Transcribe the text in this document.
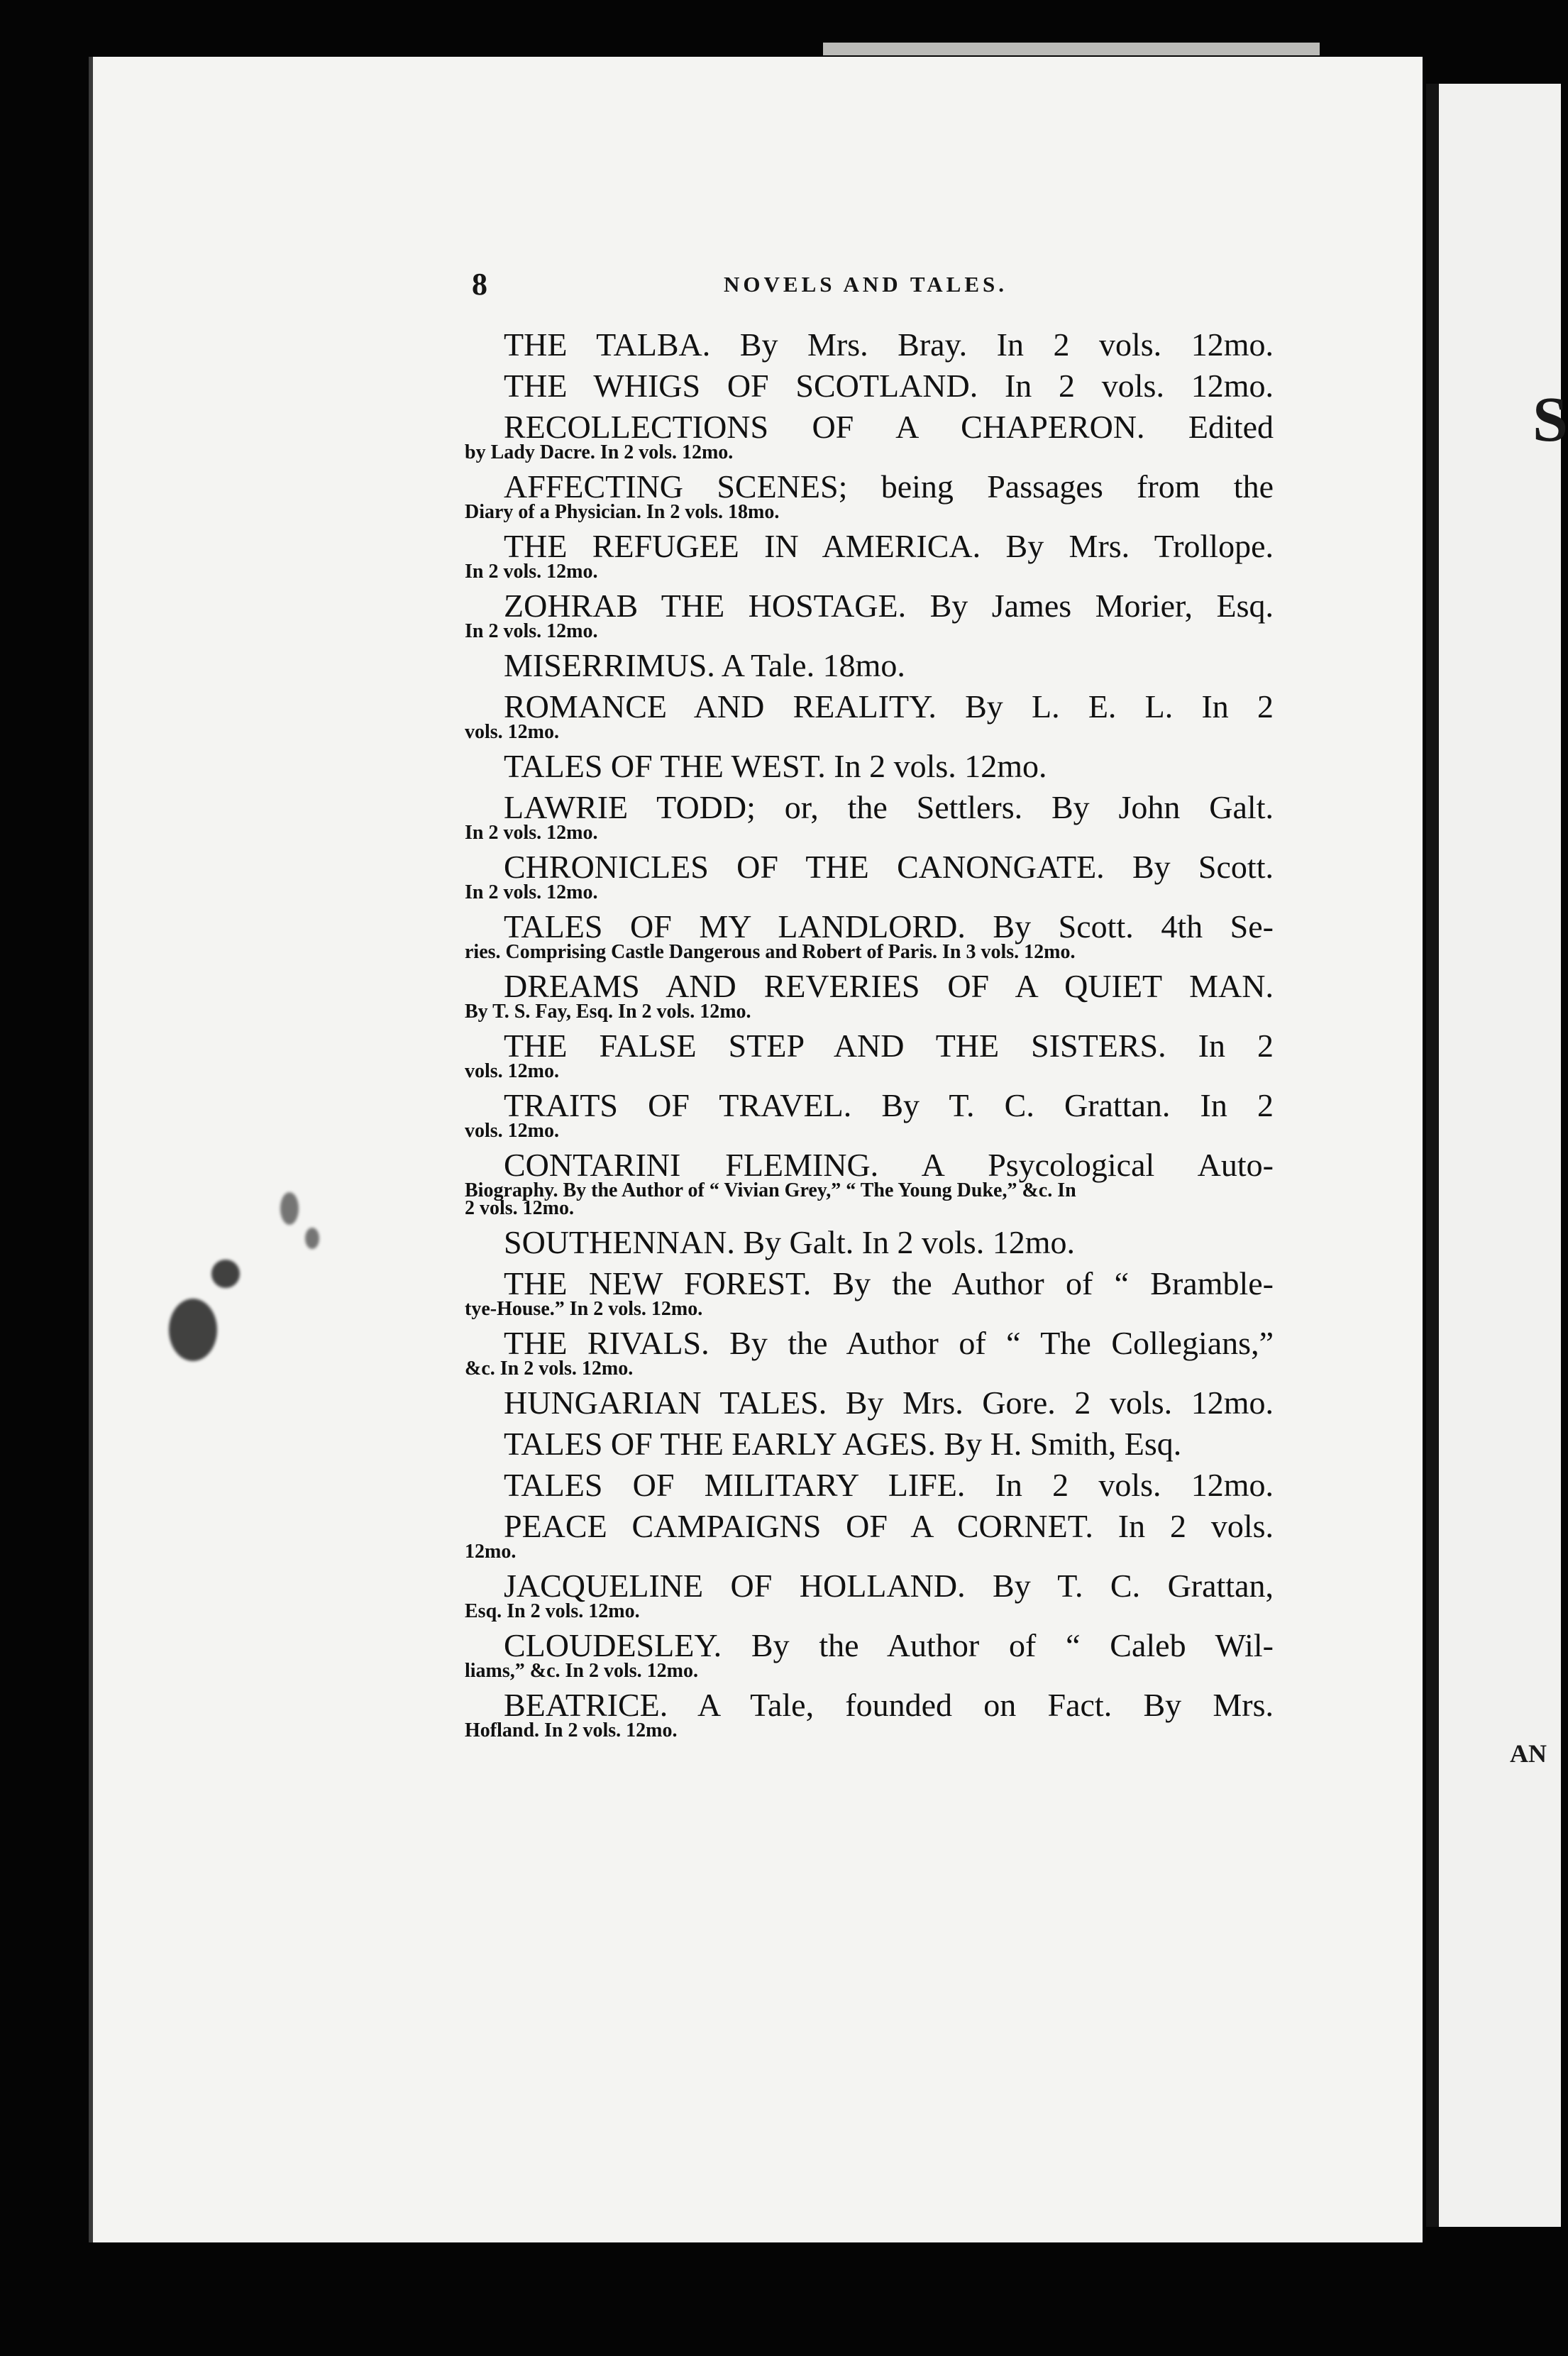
S
AN
8	NOVELS AND TALES.
THE TALBA. By Mrs. Bray. In 2 vols. 12mo.
THE WHIGS OF SCOTLAND. In 2 vols. 12mo.
RECOLLECTIONS OF A CHAPERON. Edited
by Lady Dacre. In 2 vols. 12mo.
AFFECTING SCENES; being Passages from the
Diary of a Physician. In 2 vols. 18mo.
THE REFUGEE IN AMERICA. By Mrs. Trollope.
In 2 vols. 12mo.
ZOHRAB THE HOSTAGE. By James Morier, Esq.
In 2 vols. 12mo.
MISERRIMUS. A Tale. 18mo.
ROMANCE AND REALITY. By L. E. L. In 2
vols. 12mo.
TALES OF THE WEST. In 2 vols. 12mo.
LAWRIE TODD; or, the Settlers. By John Galt.
In 2 vols. 12mo.
CHRONICLES OF THE CANONGATE. By Scott.
In 2 vols. 12mo.
TALES OF MY LANDLORD. By Scott. 4th Se-
ries. Comprising Castle Dangerous and Robert of Paris. In 3 vols. 12mo.
DREAMS AND REVERIES OF A QUIET MAN.
By T. S. Fay, Esq. In 2 vols. 12mo.
THE FALSE STEP AND THE SISTERS. In 2
vols. 12mo.
TRAITS OF TRAVEL. By T. C. Grattan. In 2
vols. 12mo.
CONTARINI FLEMING. A Psycological Auto-
Biography. By the Author of “ Vivian Grey,” “ The Young Duke,” &c. In
2 vols. 12mo.
SOUTHENNAN. By Galt. In 2 vols. 12mo.
THE NEW FOREST. By the Author of “ Bramble-
tye-House.” In 2 vols. 12mo.
THE RIVALS. By the Author of “ The Collegians,”
&c. In 2 vols. 12mo.
HUNGARIAN TALES. By Mrs. Gore. 2 vols. 12mo.
TALES OF THE EARLY AGES. By H. Smith, Esq.
TALES OF MILITARY LIFE. In 2 vols. 12mo.
PEACE CAMPAIGNS OF A CORNET. In 2 vols.
12mo.
JACQUELINE OF HOLLAND. By T. C. Grattan,
Esq. In 2 vols. 12mo.
CLOUDESLEY. By the Author of “ Caleb Wil-
liams,” &c. In 2 vols. 12mo.
BEATRICE. A Tale, founded on Fact. By Mrs.
Hofland. In 2 vols. 12mo.
